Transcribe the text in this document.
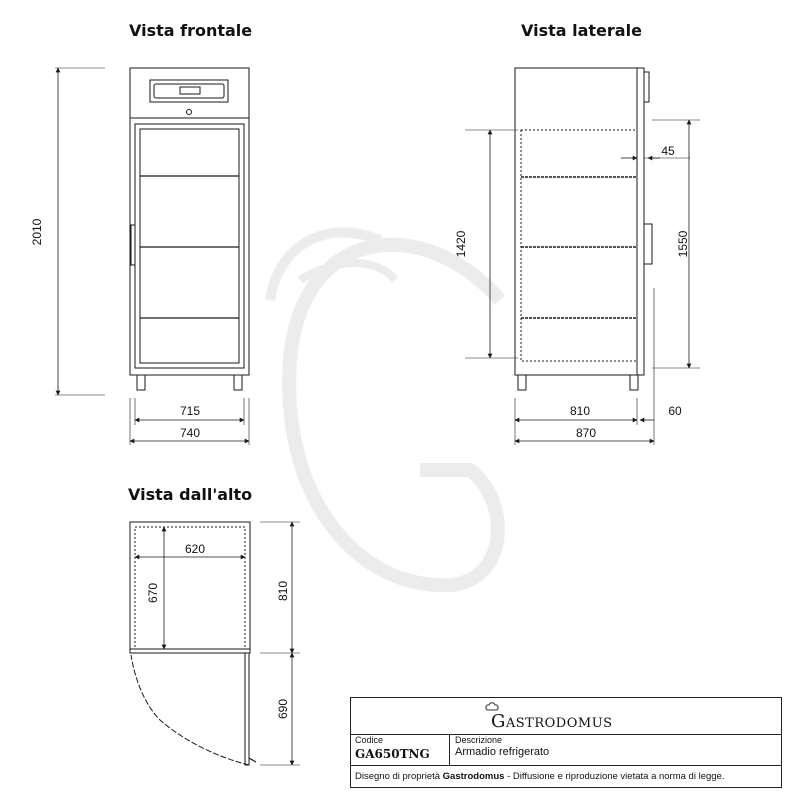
Vista frontale	Vista laterale
Vista dall'alto
2010
715
740
1420
45
1550
810	60
870
620
670	810
690
GASTRODOMUS
Codice
GA650TNG
Descrizione
Armadio refrigerato
Disegno di proprietà Gastrodomus - Diffusione e riproduzione vietata a norma di legge.
